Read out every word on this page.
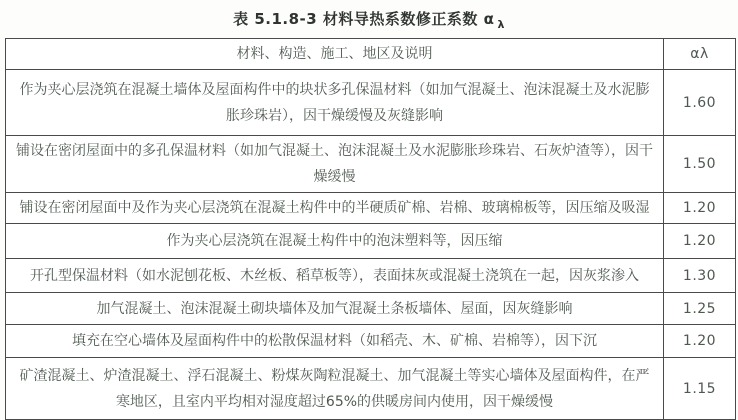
表 5.1.8-3 材料导热系数修正系数 α $_\lambda$
材料、构造、施工、地区及说明	αλ
作为夹心层浇筑在混凝土墙体及屋面构件中的块状多孔保温材料（如加气混凝土、泡沫混凝土及水泥膨胀珍珠岩），因干燥缓慢及灰缝影响	1.60
铺设在密闭屋面中的多孔保温材料（如加气混凝土、泡沫混凝土及水泥膨胀珍珠岩、石灰炉渣等），因干燥缓慢	1.50
铺设在密闭屋面中及作为夹心层浇筑在混凝土构件中的半硬质矿棉、岩棉、玻璃棉板等，因压缩及吸湿	1.20
作为夹心层浇筑在混凝土构件中的泡沫塑料等，因压缩	1.20
开孔型保温材料（如水泥刨花板、木丝板、稻草板等），表面抹灰或混凝土浇筑在一起，因灰浆渗入	1.30
加气混凝土、泡沫混凝土砌块墙体及加气混凝土条板墙体、屋面，因灰缝影响	1.25
填充在空心墙体及屋面构件中的松散保温材料（如稻壳、木、矿棉、岩棉等），因下沉	1.20
矿渣混凝土、炉渣混凝土、浮石混凝土、粉煤灰陶粒混凝土、加气混凝土等实心墙体及屋面构件，在严寒地区，且室内平均相对湿度超过65%的供暖房间内使用，因干燥缓慢	1.15
